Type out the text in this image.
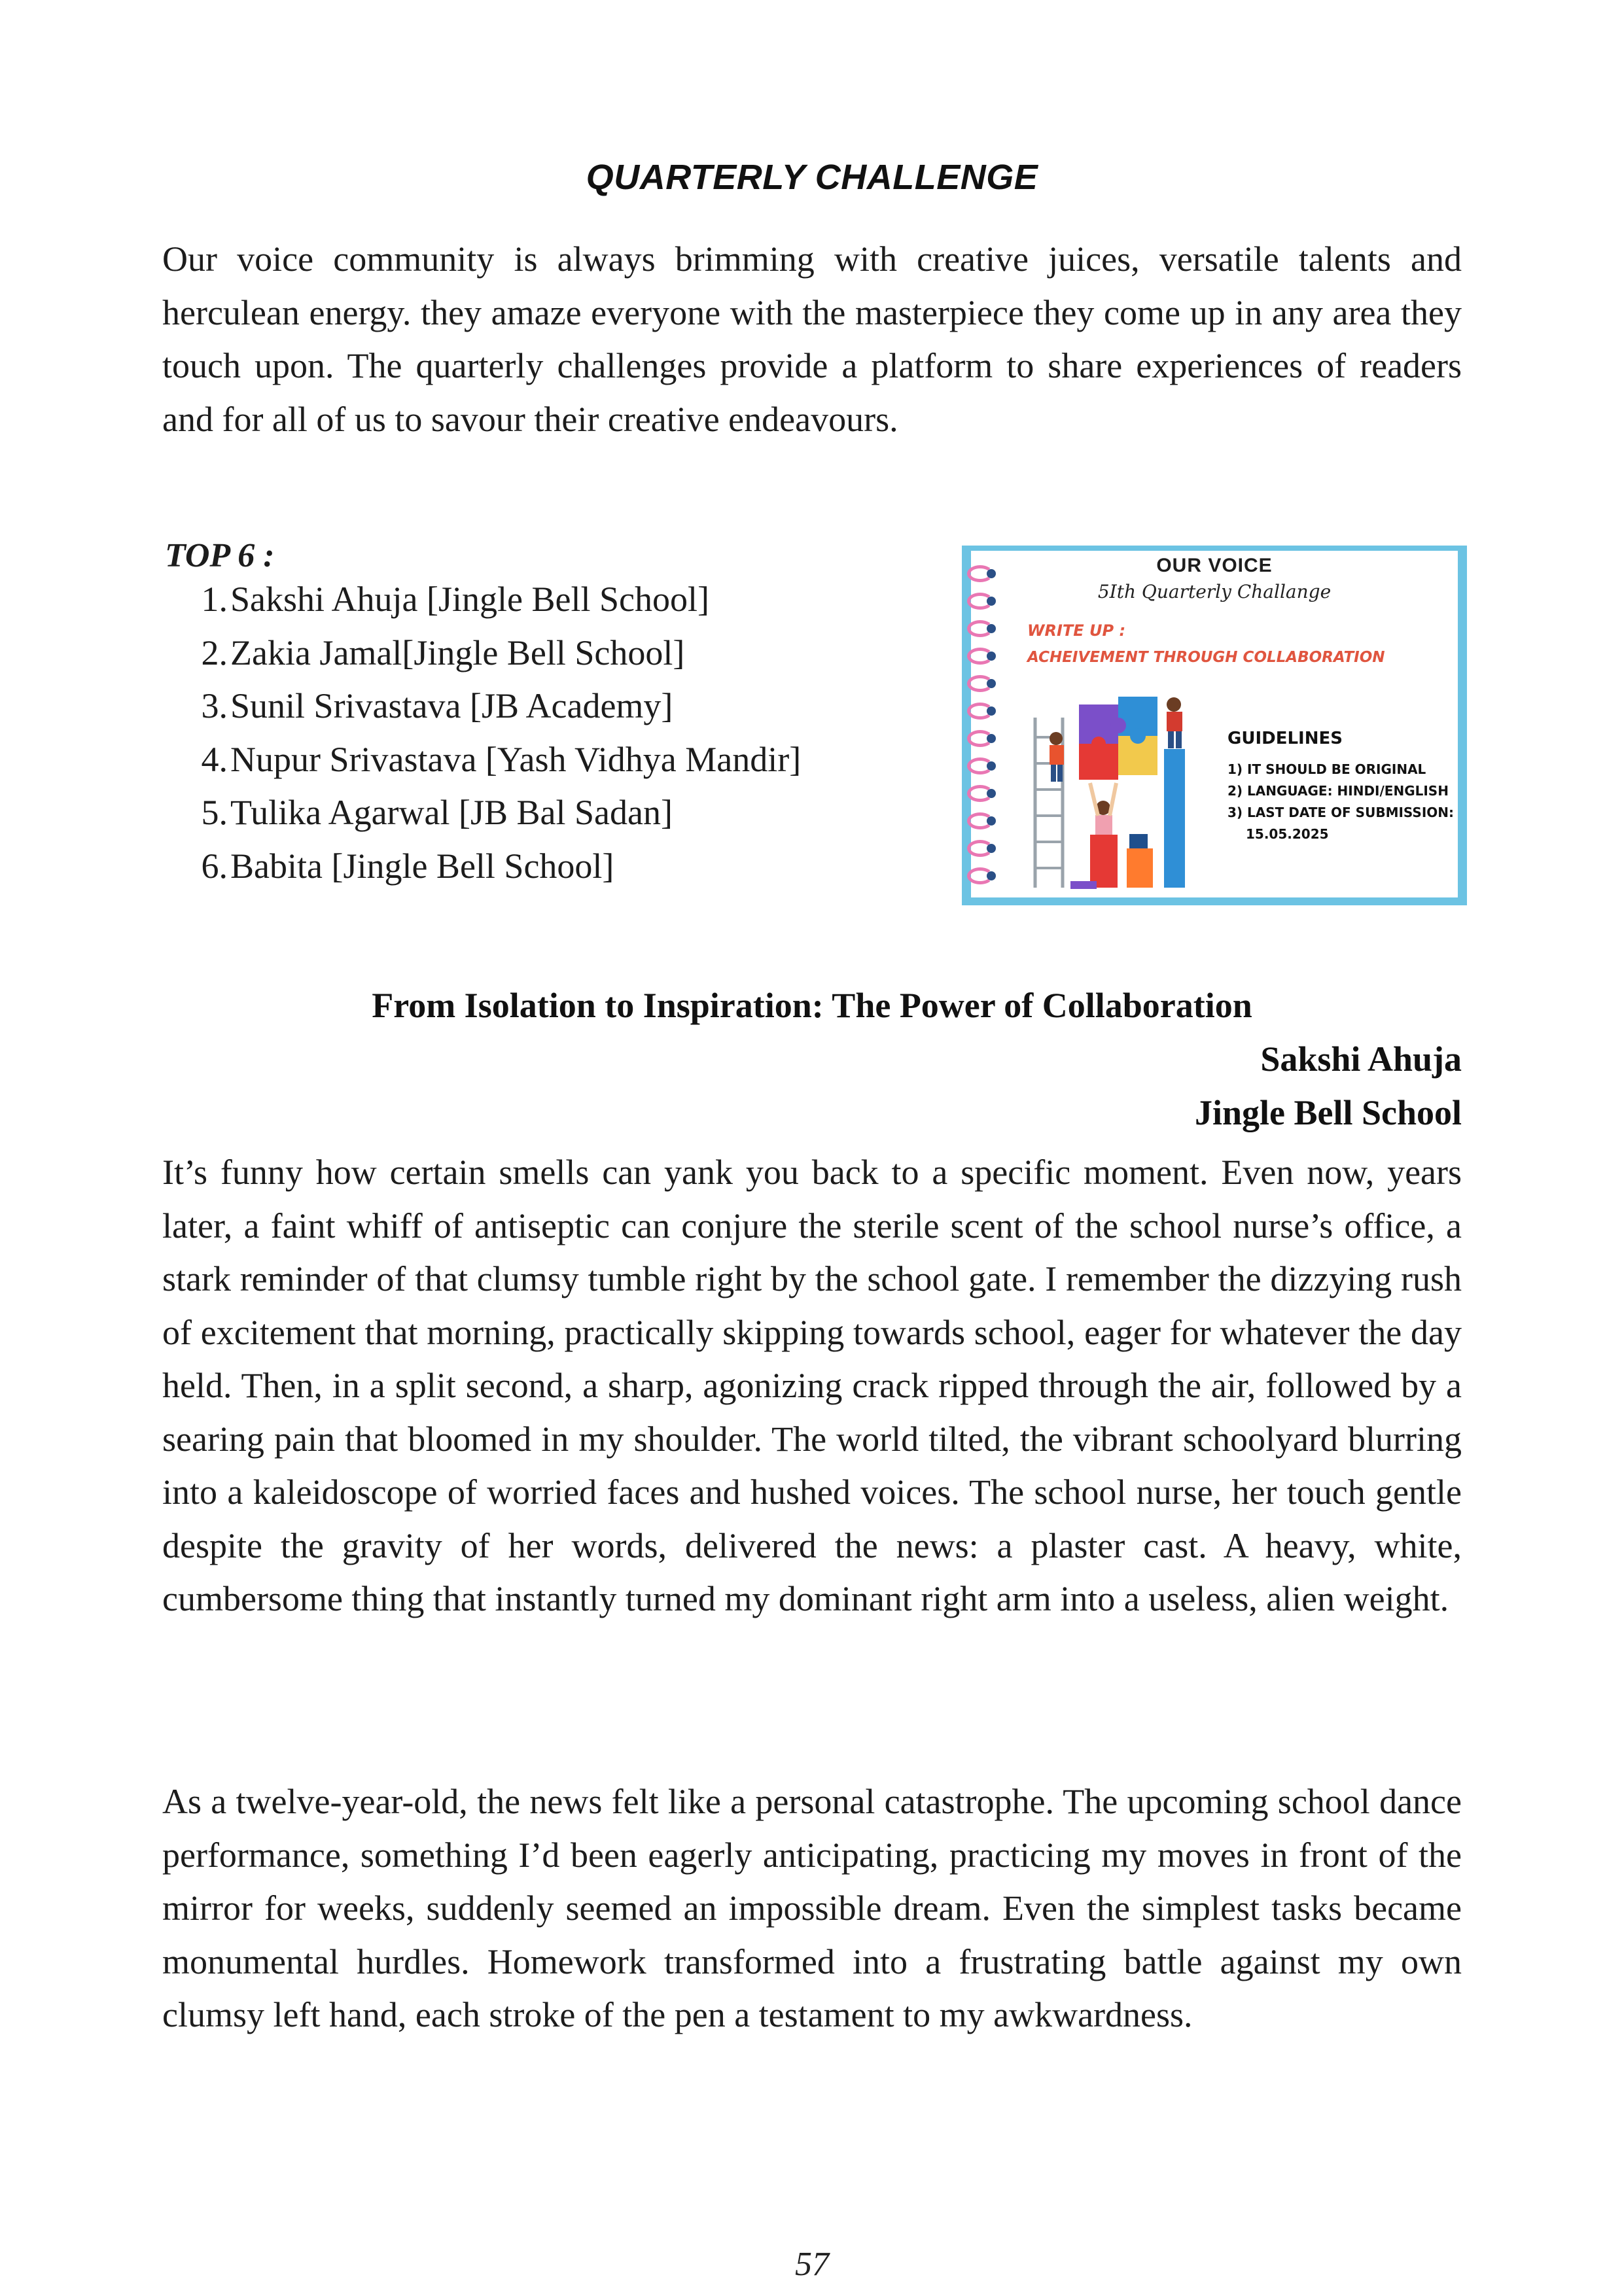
QUARTERLY CHALLENGE
Our voice community is always brimming with creative juices, versatile talents and herculean energy. they amaze everyone with the masterpiece they come up in any area they touch upon. The quarterly challenges provide a platform to share experiences of readers and for all of us to savour their creative endeavours.
TOP 6 :
1.Sakshi Ahuja [Jingle Bell School]
2.Zakia Jamal[Jingle Bell School]
3.Sunil Srivastava [JB Academy]
4.Nupur Srivastava [Yash Vidhya Mandir]
5.Tulika Agarwal [JB Bal Sadan]
6.Babita [Jingle Bell School]
OUR VOICE
5Ith Quarterly Challange
WRITE UP :
ACHEIVEMENT THROUGH COLLABORATION
GUIDELINES
1) IT SHOULD BE ORIGINAL
2) LANGUAGE: HINDI/ENGLISH
3) LAST DATE OF SUBMISSION:
15.05.2025
From Isolation to Inspiration: The Power of Collaboration
Sakshi Ahuja
Jingle Bell School
It’s funny how certain smells can yank you back to a specific moment. Even now, years later, a faint whiff of antiseptic can conjure the sterile scent of the school nurse’s office, a stark reminder of that clumsy tumble right by the school gate. I remember the dizzying rush of excitement that morning, practically skipping towards school, eager for whatever the day held. Then, in a split second, a sharp, agonizing crack ripped through the air, followed by a searing pain that bloomed in my shoulder. The world tilted, the vibrant schoolyard blurring into a kaleidoscope of worried faces and hushed voices. The school nurse, her touch gentle despite the gravity of her words, delivered the news: a plaster cast. A heavy, white, cumbersome thing that instantly turned my dominant right arm into a useless, alien weight.
As a twelve-year-old, the news felt like a personal catastrophe. The upcoming school dance performance, something I’d been eagerly anticipating, practicing my moves in front of the mirror for weeks, suddenly seemed an impossible dream. Even the simplest tasks became monumental hurdles. Homework transformed into a frustrating battle against my own clumsy left hand, each stroke of the pen a testament to my awkwardness.
57
